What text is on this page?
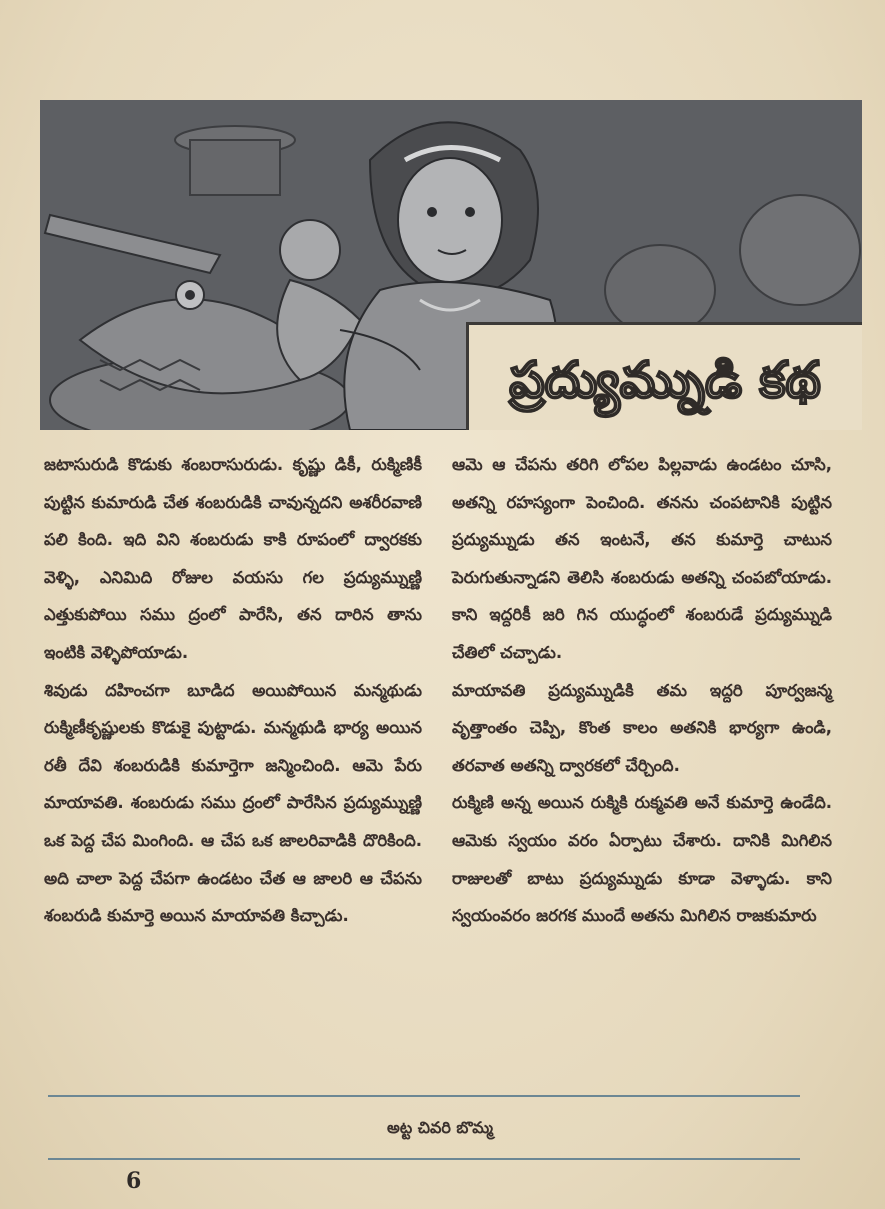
ప్రద్యుమ్నుడి కథ
జటాసురుడి కొడుకు శంబరాసురుడు. కృష్ణు డికీ, రుక్మిణికీ పుట్టిన కుమారుడి చేత శంబరుడికి చావున్నదని అశరీరవాణి పలి కింది. ఇది విని శంబరుడు కాకి రూపంలో ద్వారకకు వెళ్ళి, ఎనిమిది రోజుల వయసు గల ప్రద్యుమ్నుణ్ణి ఎత్తుకుపోయి సము ద్రంలో పారేసి, తన దారిన తాను ఇంటికి వెళ్ళిపోయాడు.
శివుడు దహించగా బూడిద అయిపోయిన మన్మథుడు రుక్మిణీకృష్ణులకు కొడుకై పుట్టాడు. మన్మథుడి భార్య అయిన రతీ దేవి శంబరుడికి కుమార్తెగా జన్మించింది. ఆమె పేరు మాయావతి. శంబరుడు సము ద్రంలో పారేసిన ప్రద్యుమ్నుణ్ణి ఒక పెద్ద చేప మింగింది. ఆ చేప ఒక జాలరివాడికి దొరికింది. అది చాలా పెద్ద చేపగా ఉండటం చేత ఆ జాలరి ఆ చేపను శంబరుడి కుమార్తె అయిన మాయావతి కిచ్చాడు.
ఆమె ఆ చేపను తరిగి లోపల పిల్లవాడు ఉండటం చూసి, అతన్ని రహస్యంగా పెంచింది. తనను చంపటానికి పుట్టిన ప్రద్యుమ్నుడు తన ఇంటనే, తన కుమార్తె చాటున పెరుగుతున్నాడని తెలిసి శంబరుడు అతన్ని చంపబోయాడు. కాని ఇద్దరికీ జరి గిన యుద్ధంలో శంబరుడే ప్రద్యుమ్నుడి చేతిలో చచ్చాడు.
మాయావతి ప్రద్యుమ్నుడికి తమ ఇద్దరి పూర్వజన్మ వృత్తాంతం చెప్పి, కొంత కాలం అతనికి భార్యగా ఉండి, తరవాత అతన్ని ద్వారకలో చేర్చింది.
రుక్మిణి అన్న అయిన రుక్మికి రుక్మవతి అనే కుమార్తె ఉండేది. ఆమెకు స్వయం వరం ఏర్పాటు చేశారు. దానికి మిగిలిన రాజులతో బాటు ప్రద్యుమ్నుడు కూడా వెళ్ళాడు. కాని స్వయంవరం జరగక ముందే అతను మిగిలిన రాజకుమారు
అట్ట చివరి బొమ్మ
6
